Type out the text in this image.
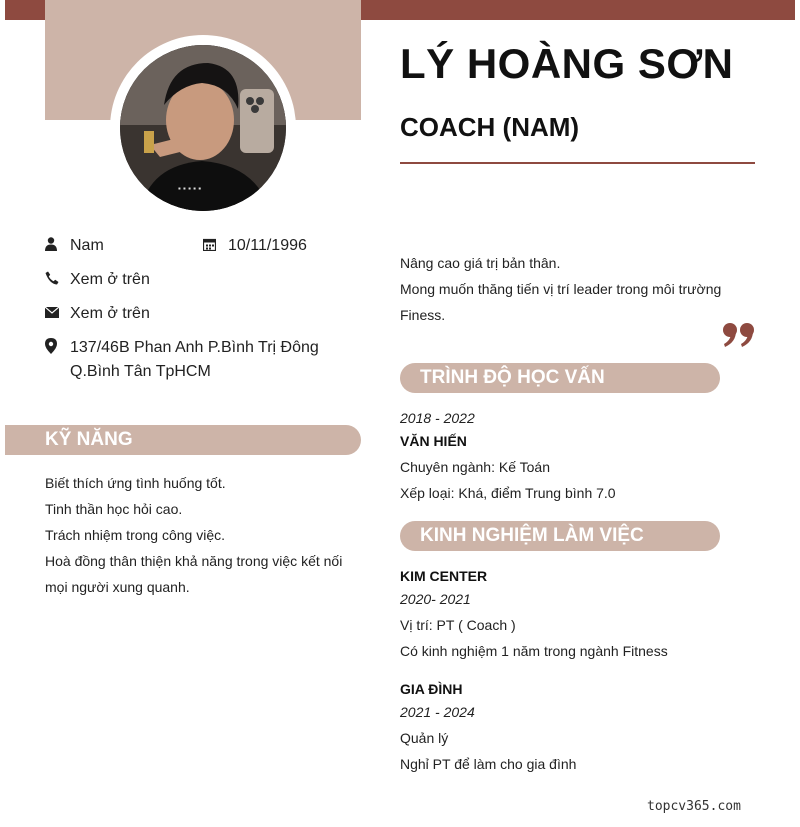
▪ ▪ ▪ ▪ ▪
LÝ HOÀNG SƠN
COACH (NAM)
Nam	10/11/1996
Xem ở trên
Xem ở trên
137/46B Phan Anh P.Bình Trị Đông
Q.Bình Tân TpHCM
KỸ NĂNG
Biết thích ứng tình huống tốt.
Tinh thần học hỏi cao.
Trách nhiệm trong công việc.
Hoà đồng thân thiện khả năng trong việc kết nối
mọi người xung quanh.
Nâng cao giá trị bản thân.
Mong muốn thăng tiến vị trí leader trong môi trường
Finess.
TRÌNH ĐỘ HỌC VẤN
2018 - 2022
VĂN HIẾN
Chuyên ngành: Kế Toán
Xếp loại: Khá, điểm Trung bình 7.0
KINH NGHIỆM LÀM VIỆC
KIM CENTER
2020- 2021
Vị trí: PT ( Coach )
Có kinh nghiệm 1 năm trong ngành Fitness
GIA ĐÌNH
2021 - 2024
Quản lý
Nghỉ PT để làm cho gia đình
topcv365.com
